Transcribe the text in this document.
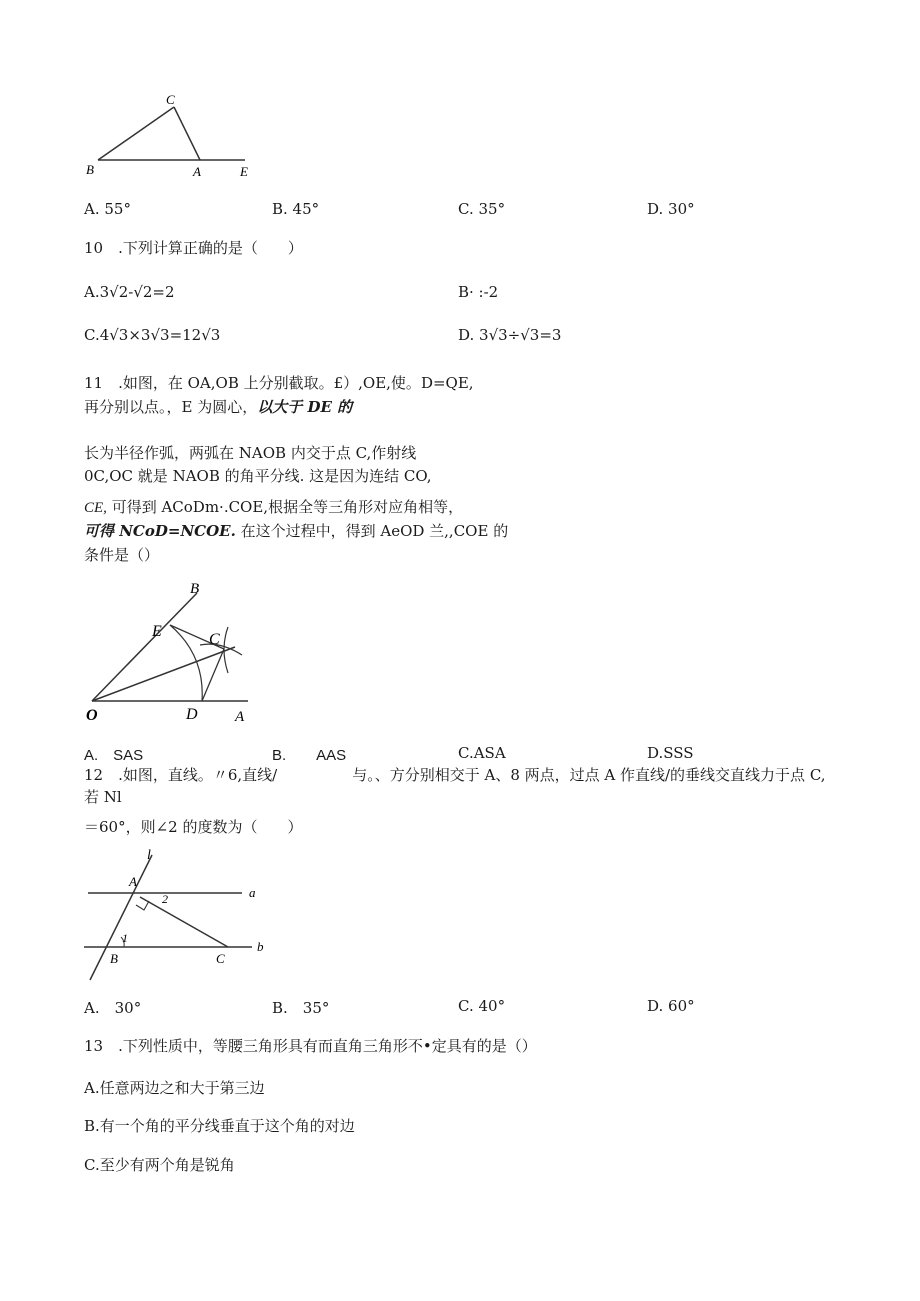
C
B	A	E
A. 55°	B. 45°	C. 35°	D. 30°
10　.下列计算正确的是（　　）
A.3√2-√2=2	B· :-2
C.4√3×3√3=12√3	D. 3√3÷√3=3
11　.如图，在 OA,OB 上分别截取。£）,OE,使。D=QE,
再分别以点。，E 为圆心，以大于 DE 的
长为半径作弧，两弧在 NAOB 内交于点 C,作射线
0C,OC 就是 NAOB 的角平分线. 这是因为连结 CO,
CE, 可得到 ACoDm·.COE,根据全等三角形对应角相等，
可得 NCoD=NCOE. 在这个过程中，得到 AeOD 兰,,COE 的
条件是（）
B
E	C
O	D A
A.　SAS	B.　　AAS	C.ASA	D.SSS
12　.如图，直线。〃6,直线/　　　　　与。、方分别相交于 A、8 两点，过点 A 作直线/的垂线交直线力于点 C,
若 Nl
＝60°，则∠2 的度数为（　　）
l
A
2	a
1
B	C
b
A.　30°	B.　35°	C. 40°	D. 60°
13　.下列性质中，等腰三角形具有而直角三角形不•定具有的是（）
A.任意两边之和大于第三边
B.有一个角的平分线垂直于这个角的对边
C.至少有两个角是锐角
